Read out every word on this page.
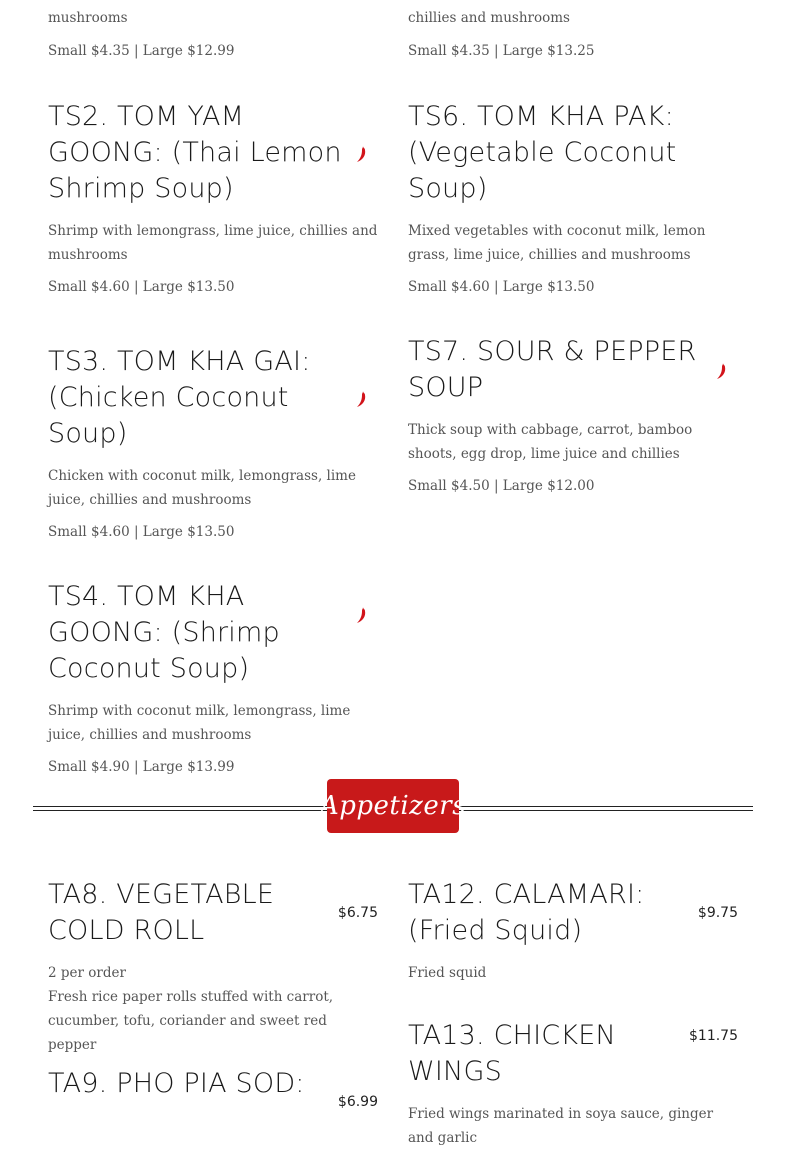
mushrooms
Small $4.35 | Large $12.99
chillies and mushrooms
Small $4.35 | Large $13.25
TS2. TOM YAM GOONG: (Thai Lemon Shrimp Soup)
Shrimp with lemongrass, lime juice, chillies and mushrooms
Small $4.60 | Large $13.50
TS3. TOM KHA GAI: (Chicken Coconut Soup)
Chicken with coconut milk, lemongrass, lime juice, chillies and mushrooms
Small $4.60 | Large $13.50
TS4. TOM KHA GOONG: (Shrimp Coconut Soup)
Shrimp with coconut milk, lemongrass, lime juice, chillies and mushrooms
Small $4.90 | Large $13.99
TS6. TOM KHA PAK: (Vegetable Coconut Soup)
Mixed vegetables with coconut milk, lemon grass, lime juice, chillies and mushrooms
Small $4.60 | Large $13.50
TS7. SOUR & PEPPER SOUP
Thick soup with cabbage, carrot, bamboo shoots, egg drop, lime juice and chillies
Small $4.50 | Large $12.00
Appetizers
TA8. VEGETABLE COLD ROLL
$6.75
2 per order
Fresh rice paper rolls stuffed with carrot, cucumber, tofu, coriander and sweet red pepper
TA9. PHO PIA SOD:
$6.99
TA12. CALAMARI: (Fried Squid)
$9.75
Fried squid
TA13. CHICKEN WINGS
$11.75
Fried wings marinated in soya sauce, ginger and garlic
